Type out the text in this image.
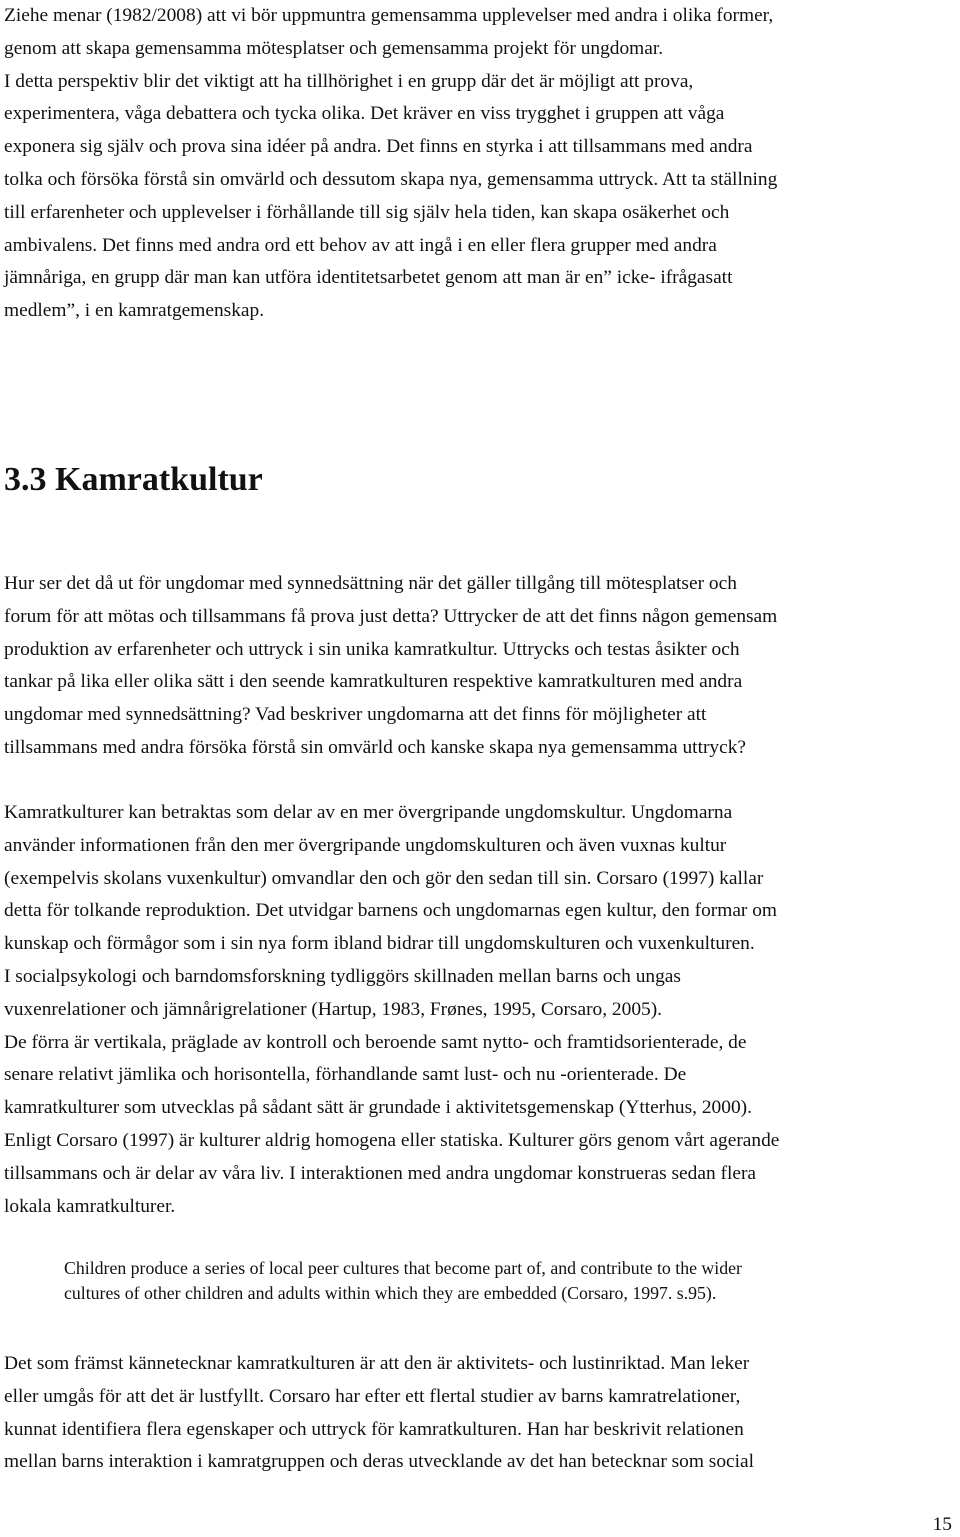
Ziehe menar (1982/2008) att vi bör uppmuntra gemensamma upplevelser med andra i olika former,
genom att skapa gemensamma mötesplatser och gemensamma projekt för ungdomar.
I detta perspektiv blir det viktigt att ha tillhörighet i en grupp där det är möjligt att prova,
experimentera, våga debattera och tycka olika. Det kräver en viss trygghet i gruppen att våga
exponera sig själv och prova sina idéer på andra. Det finns en styrka i att tillsammans med andra
tolka och försöka förstå sin omvärld och dessutom skapa nya, gemensamma uttryck. Att ta ställning
till erfarenheter och upplevelser i förhållande till sig själv hela tiden, kan skapa osäkerhet och
ambivalens. Det finns med andra ord ett behov av att ingå i en eller flera grupper med andra
jämnåriga, en grupp där man kan utföra identitetsarbetet genom att man är en” icke- ifrågasatt
medlem”, i en kamratgemenskap.
3.3 Kamratkultur
Hur ser det då ut för ungdomar med synnedsättning när det gäller tillgång till mötesplatser och
forum för att mötas och tillsammans få prova just detta? Uttrycker de att det finns någon gemensam
produktion av erfarenheter och uttryck i sin unika kamratkultur. Uttrycks och testas åsikter och
tankar på lika eller olika sätt i den seende kamratkulturen respektive kamratkulturen med andra
ungdomar med synnedsättning? Vad beskriver ungdomarna att det finns för möjligheter att
tillsammans med andra försöka förstå sin omvärld och kanske skapa nya gemensamma uttryck?
Kamratkulturer kan betraktas som delar av en mer övergripande ungdomskultur. Ungdomarna
använder informationen från den mer övergripande ungdomskulturen och även vuxnas kultur
(exempelvis skolans vuxenkultur) omvandlar den och gör den sedan till sin. Corsaro (1997) kallar
detta för tolkande reproduktion. Det utvidgar barnens och ungdomarnas egen kultur, den formar om
kunskap och förmågor som i sin nya form ibland bidrar till ungdomskulturen och vuxenkulturen.
I socialpsykologi och barndomsforskning tydliggörs skillnaden mellan barns och ungas
vuxenrelationer och jämnårigrelationer (Hartup, 1983, Frønes, 1995, Corsaro, 2005).
De förra är vertikala, präglade av kontroll och beroende samt nytto- och framtidsorienterade, de
senare relativt jämlika och horisontella, förhandlande samt lust- och nu -orienterade. De
kamratkulturer som utvecklas på sådant sätt är grundade i aktivitetsgemenskap (Ytterhus, 2000).
Enligt Corsaro (1997) är kulturer aldrig homogena eller statiska. Kulturer görs genom vårt agerande
tillsammans och är delar av våra liv. I interaktionen med andra ungdomar konstrueras sedan flera
lokala kamratkulturer.
Children produce a series of local peer cultures that become part of, and contribute to the wider
cultures of other children and adults within which they are embedded (Corsaro, 1997. s.95).
Det som främst kännetecknar kamratkulturen är att den är aktivitets- och lustinriktad. Man leker
eller umgås för att det är lustfyllt. Corsaro har efter ett flertal studier av barns kamratrelationer,
kunnat identifiera flera egenskaper och uttryck för kamratkulturen. Han har beskrivit relationen
mellan barns interaktion i kamratgruppen och deras utvecklande av det han betecknar som social
15
